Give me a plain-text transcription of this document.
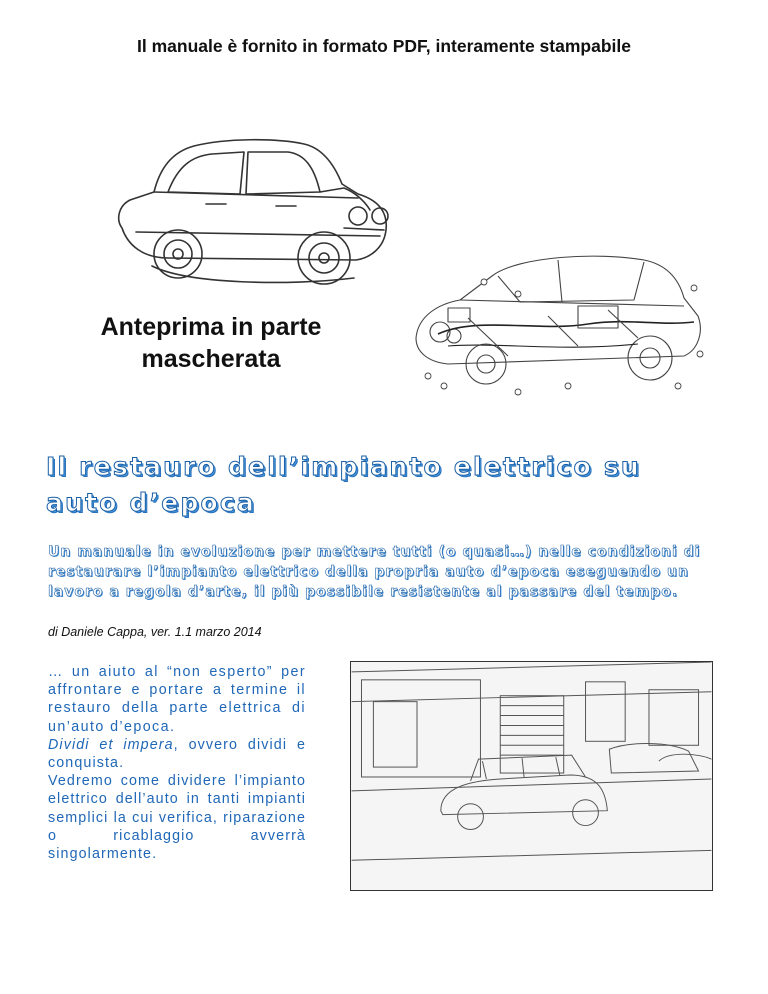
Il manuale è fornito in formato PDF, interamente stampabile
Anteprima in parte mascherata
Il restauro dell’impianto elettrico su auto d’epoca

Un manuale in evoluzione per mettere tutti (o quasi…) nelle condizioni di restaurare l’impianto elettrico della propria auto d’epoca eseguendo un lavoro a regola d’arte, il più possibile resistente al passare del tempo.

di Daniele Cappa, ver. 1.1 marzo 2014

… un aiuto al “non esperto” per affrontare e portare a termine il restauro della parte elettrica di un’auto d’epoca.
Dividi et impera, ovvero dividi e conquista.
Vedremo come dividere l’impianto elettrico dell’auto in tanti impianti semplici la cui verifica, riparazione o ricablaggio avverrà singolarmente.
